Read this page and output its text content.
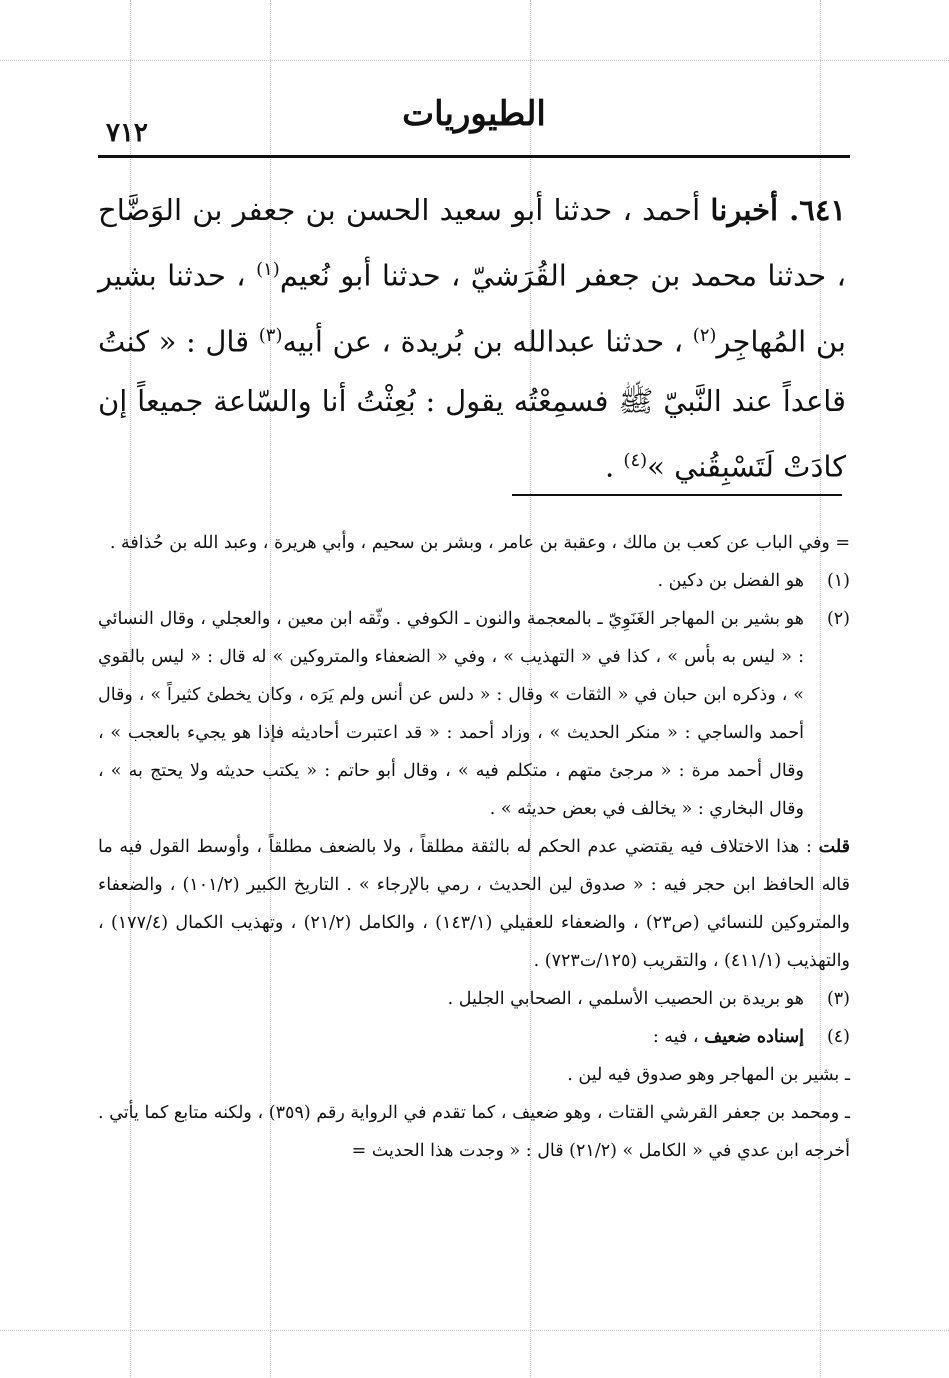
٧١٢	الطيوريات

٦٤١. أخبرنا أحمد ، حدثنا أبو سعيد الحسن بن جعفر بن الوَضَّاح ، حدثنا محمد بن جعفر القُرَشيّ ، حدثنا أبو نُعيم$^{(١)}$ ، حدثنا بشير بن المُهاجِر$^{(٢)}$ ، حدثنا عبدالله بن بُريدة ، عن أبيه$^{(٣)}$ قال : « كنتُ قاعداً عند النَّبيّ ﷺ فسمِعْتُه يقول : بُعِثْتُ أنا والسّاعة جميعاً إن كادَتْ لَتَسْبِقُني »$^{(٤)}$ .

= وفي الباب عن كعب بن مالك ، وعقبة بن عامر ، وبشر بن سحيم ، وأبي هريرة ، وعبد الله بن حُذافة .

(١)
هو الفضل بن دكين .
(٢)
هو بشير بن المهاجر الغَنَوِيّ ـ بالمعجمة والنون ـ الكوفي . وثّقه ابن معين ، والعجلي ، وقال النسائي : « ليس به بأس » ، كذا في « التهذيب » ، وفي « الضعفاء والمتروكين » له قال : « ليس بالقوي » ، وذكره ابن حبان في « الثقات » وقال : « دلس عن أنس ولم يَرَه ، وكان يخطئ كثيراً » ، وقال أحمد والساجي : « منكر الحديث » ، وزاد أحمد : « قد اعتبرت أحاديثه فإذا هو يجيء بالعجب » ، وقال أحمد مرة : « مرجئ متهم ، متكلم فيه » ، وقال أبو حاتم : « يكتب حديثه ولا يحتج به » ، وقال البخاري : « يخالف في بعض حديثه » .

قلت : هذا الاختلاف فيه يقتضي عدم الحكم له بالثقة مطلقاً ، ولا بالضعف مطلقاً ، وأوسط القول فيه ما قاله الحافظ ابن حجر فيه : « صدوق لين الحديث ، رمي بالإرجاء » . التاريخ الكبير (١٠١/٢) ، والضعفاء والمتروكين للنسائي (ص٢٣) ، والضعفاء للعقيلي (١٤٣/١) ، والكامل (٢١/٢) ، وتهذيب الكمال (١٧٧/٤) ، والتهذيب (٤١١/١) ، والتقريب (١٢٥/ت٧٢٣) .

(٣)
هو بريدة بن الحصيب الأسلمي ، الصحابي الجليل .
(٤)
إسناده ضعيف ، فيه :

ـ بشير بن المهاجر وهو صدوق فيه لين .

ـ ومحمد بن جعفر القرشي القتات ، وهو ضعيف ، كما تقدم في الرواية رقم (٣٥٩) ، ولكنه متابع كما يأتي . أخرجه ابن عدي في « الكامل » (٢١/٢) قال : « وجدت هذا الحديث =
